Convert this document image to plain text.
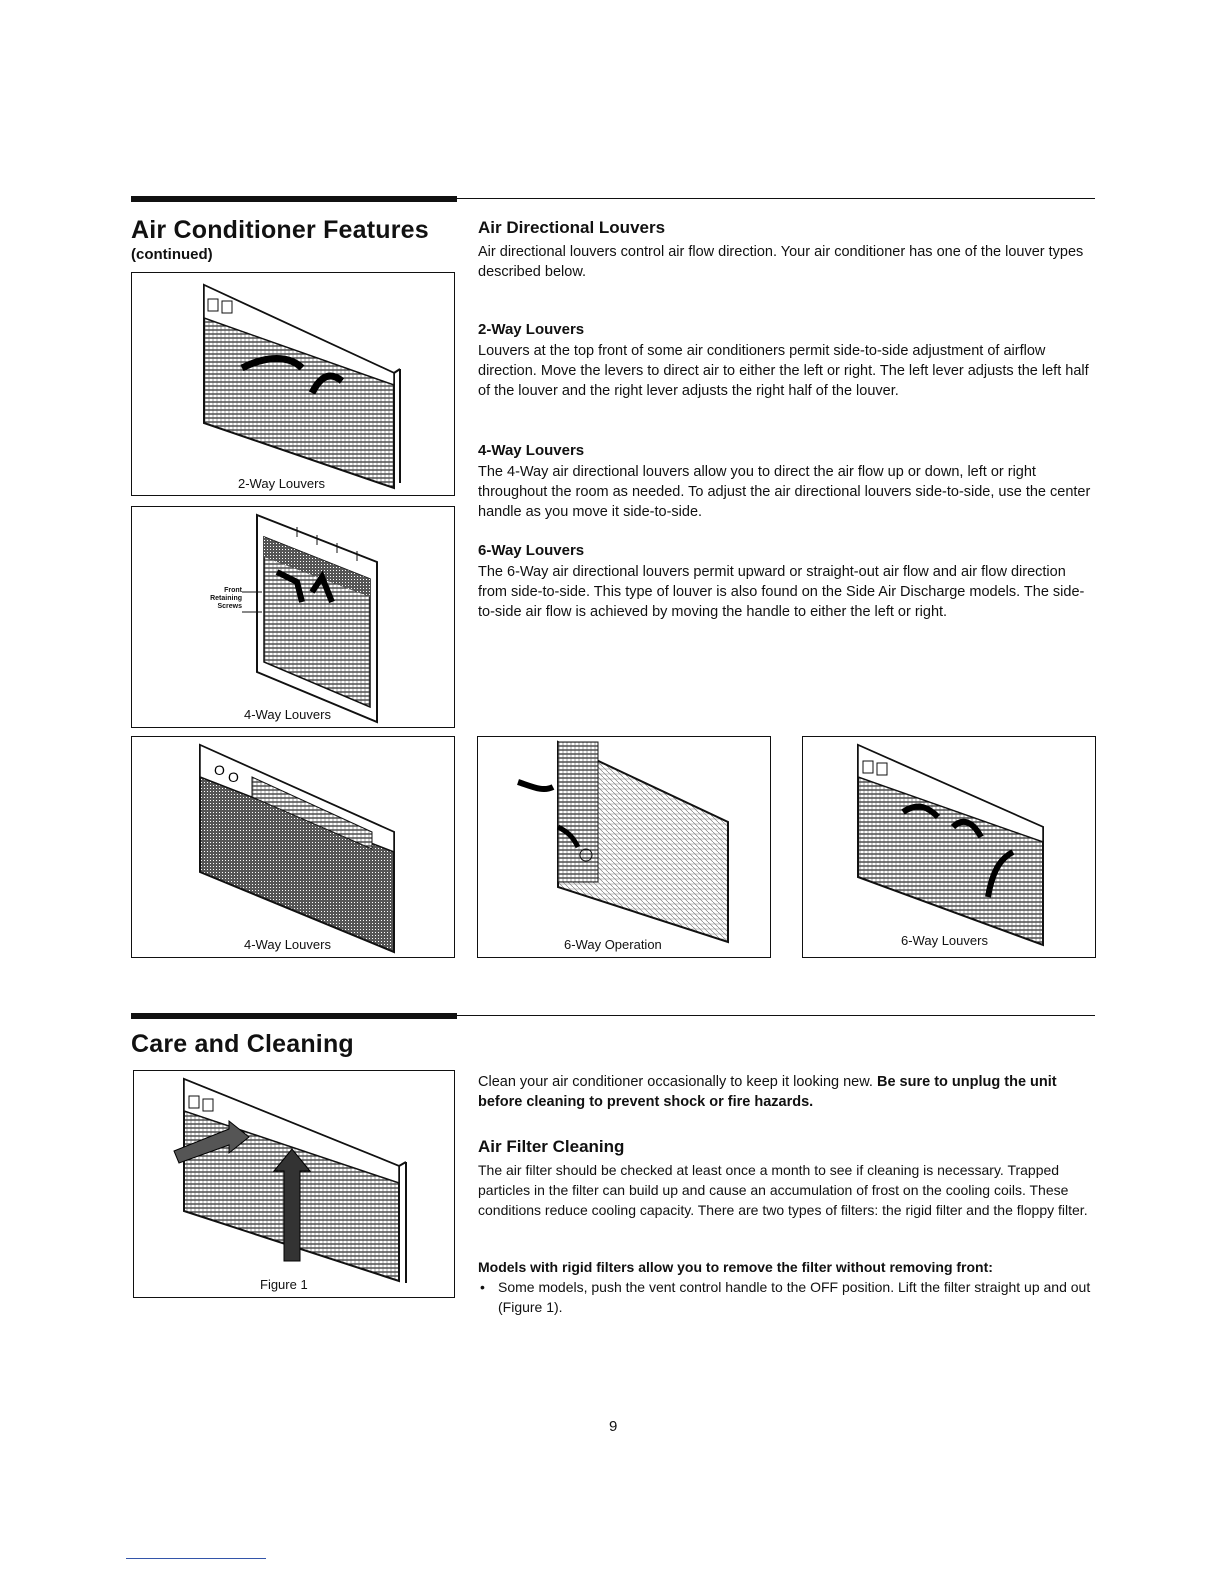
Air Conditioner Features
(continued)
Air Directional Louvers
Air directional louvers control air flow direction. Your air conditioner has one of the louver types described below.
2-Way Louvers
Louvers at the top front of some air conditioners permit side-to-side adjustment of airflow direction. Move the levers to direct air to either the left or right. The left lever adjusts the left half of the louver and the right lever adjusts the right half of the louver.
4-Way Louvers
The 4-Way air directional louvers allow you to direct the air flow up or down, left or right throughout the room as needed. To adjust the air directional louvers side-to-side, use the center handle as you move it side-to-side.
6-Way Louvers
The 6-Way air directional louvers permit upward or straight-out air flow and air flow direction from side-to-side. This type of louver is also found on the Side Air Discharge models. The side-to-side air flow is achieved by moving the handle to either the left or right.
2-Way Louvers
Front Retaining Screws
4-Way Louvers
O O
4-Way Louvers	6-Way Operation	6-Way Louvers
Care and Cleaning
Figure 1
Clean your air conditioner occasionally to keep it looking new. Be sure to unplug the unit before cleaning to prevent shock or fire hazards.
Air Filter Cleaning
The air filter should be checked at least once a month to see if cleaning is necessary. Trapped particles in the filter can build up and cause an accumulation of frost on the cooling coils. These conditions reduce cooling capacity. There are two types of filters: the rigid filter and the floppy filter.
Models with rigid filters allow you to remove the filter without removing front:
• Some models, push the vent control handle to the OFF position. Lift the filter straight up and out (Figure 1).
9
